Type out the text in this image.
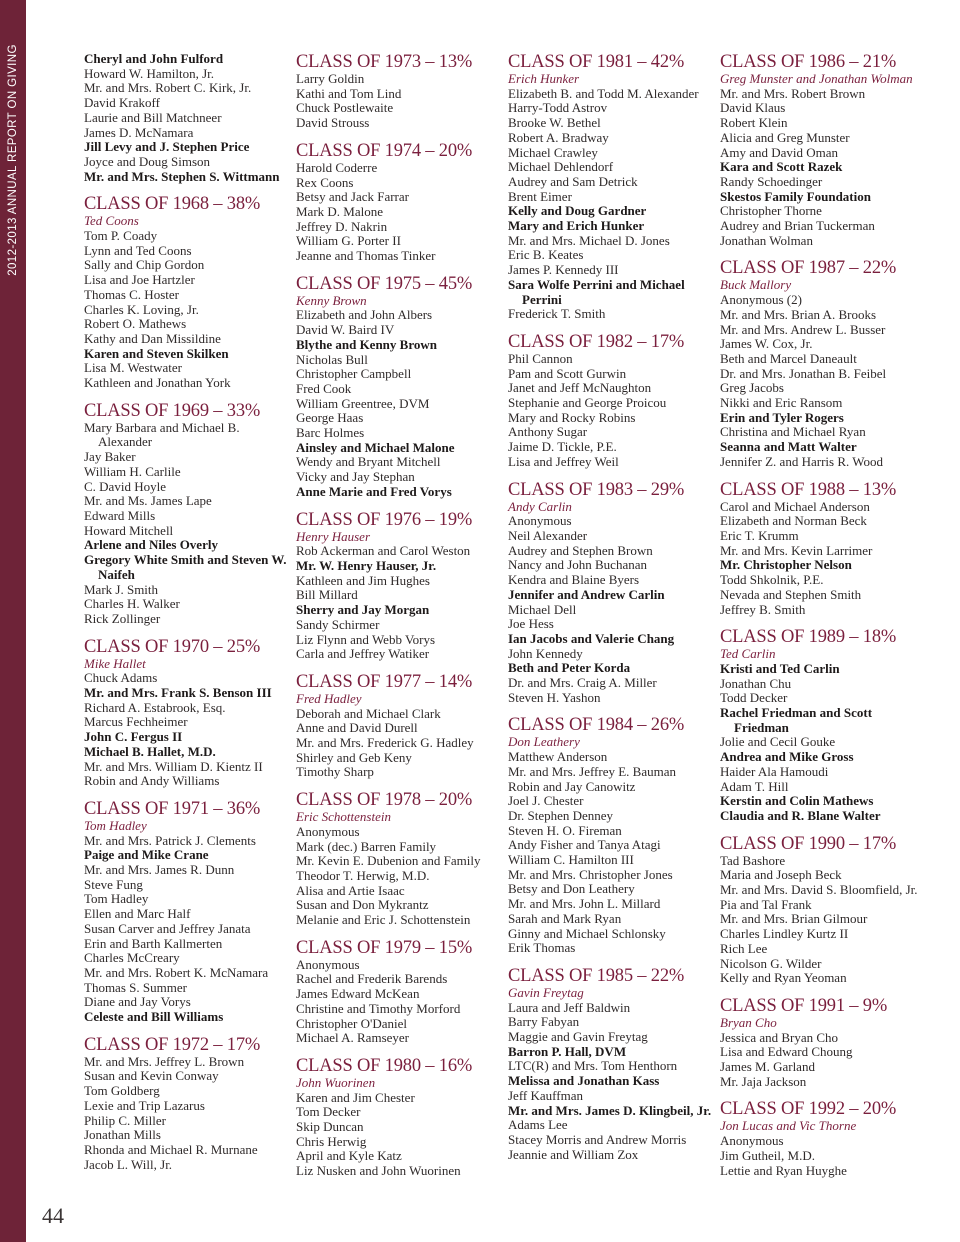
2012-2013 ANNUAL REPORT ON GIVING	Cheryl and John Fulford
Howard W. Hamilton, Jr.
Mr. and Mrs. Robert C. Kirk, Jr.
David Krakoff
Laurie and Bill Matchneer
James D. McNamara
Jill Levy and J. Stephen Price
Joyce and Doug Simson
Mr. and Mrs. Stephen S. Wittmann
CLASS OF 1968 – 38%
Ted Coons
Tom P. Coady
Lynn and Ted Coons
Sally and Chip Gordon
Lisa and Joe Hartzler
Thomas C. Hoster
Charles K. Loving, Jr.
Robert O. Mathews
Kathy and Dan Missildine
Karen and Steven Skilken
Lisa M. Westwater
Kathleen and Jonathan York
CLASS OF 1969 – 33%
Mary Barbara and Michael B. Alexander
Jay Baker
William H. Carlile
C. David Hoyle
Mr. and Ms. James Lape
Edward Mills
Howard Mitchell
Arlene and Niles Overly
Gregory White Smith and Steven W. Naifeh
Mark J. Smith
Charles H. Walker
Rick Zollinger
CLASS OF 1970 – 25%
Mike Hallet
Chuck Adams
Mr. and Mrs. Frank S. Benson III
Richard A. Estabrook, Esq.
Marcus Fechheimer
John C. Fergus II
Michael B. Hallet, M.D.
Mr. and Mrs. William D. Kientz II
Robin and Andy Williams
CLASS OF 1971 – 36%
Tom Hadley
Mr. and Mrs. Patrick J. Clements
Paige and Mike Crane
Mr. and Mrs. James R. Dunn
Steve Fung
Tom Hadley
Ellen and Marc Half
Susan Carver and Jeffrey Janata
Erin and Barth Kallmerten
Charles McCreary
Mr. and Mrs. Robert K. McNamara
Thomas S. Summer
Diane and Jay Vorys
Celeste and Bill Williams
CLASS OF 1972 – 17%
Mr. and Mrs. Jeffrey L. Brown
Susan and Kevin Conway
Tom Goldberg
Lexie and Trip Lazarus
Philip C. Miller
Jonathan Mills
Rhonda and Michael R. Murnane
Jacob L. Will, Jr.
CLASS OF 1973 – 13%
Larry Goldin
Kathi and Tom Lind
Chuck Postlewaite
David Strouss
CLASS OF 1974 – 20%
Harold Coderre
Rex Coons
Betsy and Jack Farrar
Mark D. Malone
Jeffrey D. Nakrin
William G. Porter II
Jeanne and Thomas Tinker
CLASS OF 1975 – 45%
Kenny Brown
Elizabeth and John Albers
David W. Baird IV
Blythe and Kenny Brown
Nicholas Bull
Christopher Campbell
Fred Cook
William Greentree, DVM
George Haas
Barc Holmes
Ainsley and Michael Malone
Wendy and Bryant Mitchell
Vicky and Jay Stephan
Anne Marie and Fred Vorys
CLASS OF 1976 – 19%
Henry Hauser
Rob Ackerman and Carol Weston
Mr. W. Henry Hauser, Jr.
Kathleen and Jim Hughes
Bill Millard
Sherry and Jay Morgan
Sandy Schirmer
Liz Flynn and Webb Vorys
Carla and Jeffrey Watiker
CLASS OF 1977 – 14%
Fred Hadley
Deborah and Michael Clark
Anne and David Durell
Mr. and Mrs. Frederick G. Hadley
Shirley and Geb Keny
Timothy Sharp
CLASS OF 1978 – 20%
Eric Schottenstein
Anonymous
Mark (dec.) Barren Family
Mr. Kevin E. Dubenion and Family
Theodor T. Herwig, M.D.
Alisa and Artie Isaac
Susan and Don Mykrantz
Melanie and Eric J. Schottenstein
CLASS OF 1979 – 15%
Anonymous
Rachel and Frederik Barends
James Edward McKean
Christine and Timothy Morford
Christopher O'Daniel
Michael A. Ramseyer
CLASS OF 1980 – 16%
John Wuorinen
Karen and Jim Chester
Tom Decker
Skip Duncan
Chris Herwig
April and Kyle Katz
Liz Nusken and John Wuorinen
CLASS OF 1981 – 42%
Erich Hunker
Elizabeth B. and Todd M. Alexander
Harry-Todd Astrov
Brooke W. Bethel
Robert A. Bradway
Michael Crawley
Michael Dehlendorf
Audrey and Sam Detrick
Brent Eimer
Kelly and Doug Gardner
Mary and Erich Hunker
Mr. and Mrs. Michael D. Jones
Eric B. Keates
James P. Kennedy III
Sara Wolfe Perrini and Michael Perrini
Frederick T. Smith
CLASS OF 1982 – 17%
Phil Cannon
Pam and Scott Gurwin
Janet and Jeff McNaughton
Stephanie and George Proicou
Mary and Rocky Robins
Anthony Sugar
Jaime D. Tickle, P.E.
Lisa and Jeffrey Weil
CLASS OF 1983 – 29%
Andy Carlin
Anonymous
Neil Alexander
Audrey and Stephen Brown
Nancy and John Buchanan
Kendra and Blaine Byers
Jennifer and Andrew Carlin
Michael Dell
Joe Hess
Ian Jacobs and Valerie Chang
John Kennedy
Beth and Peter Korda
Dr. and Mrs. Craig A. Miller
Steven H. Yashon
CLASS OF 1984 – 26%
Don Leathery
Matthew Anderson
Mr. and Mrs. Jeffrey E. Bauman
Robin and Jay Canowitz
Joel J. Chester
Dr. Stephen Denney
Steven H. O. Fireman
Andy Fisher and Tanya Atagi
William C. Hamilton III
Mr. and Mrs. Christopher Jones
Betsy and Don Leathery
Mr. and Mrs. John L. Millard
Sarah and Mark Ryan
Ginny and Michael Schlonsky
Erik Thomas
CLASS OF 1985 – 22%
Gavin Freytag
Laura and Jeff Baldwin
Barry Fabyan
Maggie and Gavin Freytag
Barron P. Hall, DVM
LTC(R) and Mrs. Tom Henthorn
Melissa and Jonathan Kass
Jeff Kauffman
Mr. and Mrs. James D. Klingbeil, Jr.
Adams Lee
Stacey Morris and Andrew Morris
Jeannie and William Zox
CLASS OF 1986 – 21%
Greg Munster and Jonathan Wolman
Mr. and Mrs. Robert Brown
David Klaus
Robert Klein
Alicia and Greg Munster
Amy and David Oman
Kara and Scott Razek
Randy Schoedinger
Skestos Family Foundation
Christopher Thorne
Audrey and Brian Tuckerman
Jonathan Wolman
CLASS OF 1987 – 22%
Buck Mallory
Anonymous (2)
Mr. and Mrs. Brian A. Brooks
Mr. and Mrs. Andrew L. Busser
James W. Cox, Jr.
Beth and Marcel Daneault
Dr. and Mrs. Jonathan B. Feibel
Greg Jacobs
Nikki and Eric Ransom
Erin and Tyler Rogers
Christina and Michael Ryan
Seanna and Matt Walter
Jennifer Z. and Harris R. Wood
CLASS OF 1988 – 13%
Carol and Michael Anderson
Elizabeth and Norman Beck
Eric T. Krumm
Mr. and Mrs. Kevin Larrimer
Mr. Christopher Nelson
Todd Shkolnik, P.E.
Nevada and Stephen Smith
Jeffrey B. Smith
CLASS OF 1989 – 18%
Ted Carlin
Kristi and Ted Carlin
Jonathan Chu
Todd Decker
Rachel Friedman and Scott Friedman
Jolie and Cecil Gouke
Andrea and Mike Gross
Haider Ala Hamoudi
Adam T. Hill
Kerstin and Colin Mathews
Claudia and R. Blane Walter
CLASS OF 1990 – 17%
Tad Bashore
Maria and Joseph Beck
Mr. and Mrs. David S. Bloomfield, Jr.
Pia and Tal Frank
Mr. and Mrs. Brian Gilmour
Charles Lindley Kurtz II
Rich Lee
Nicolson G. Wilder
Kelly and Ryan Yeoman
CLASS OF 1991 – 9%
Bryan Cho
Jessica and Bryan Cho
Lisa and Edward Choung
James M. Garland
Mr. Jaja Jackson
CLASS OF 1992 – 20%
Jon Lucas and Vic Thorne
Anonymous
Jim Gutheil, M.D.
Lettie and Ryan Huyghe
44
